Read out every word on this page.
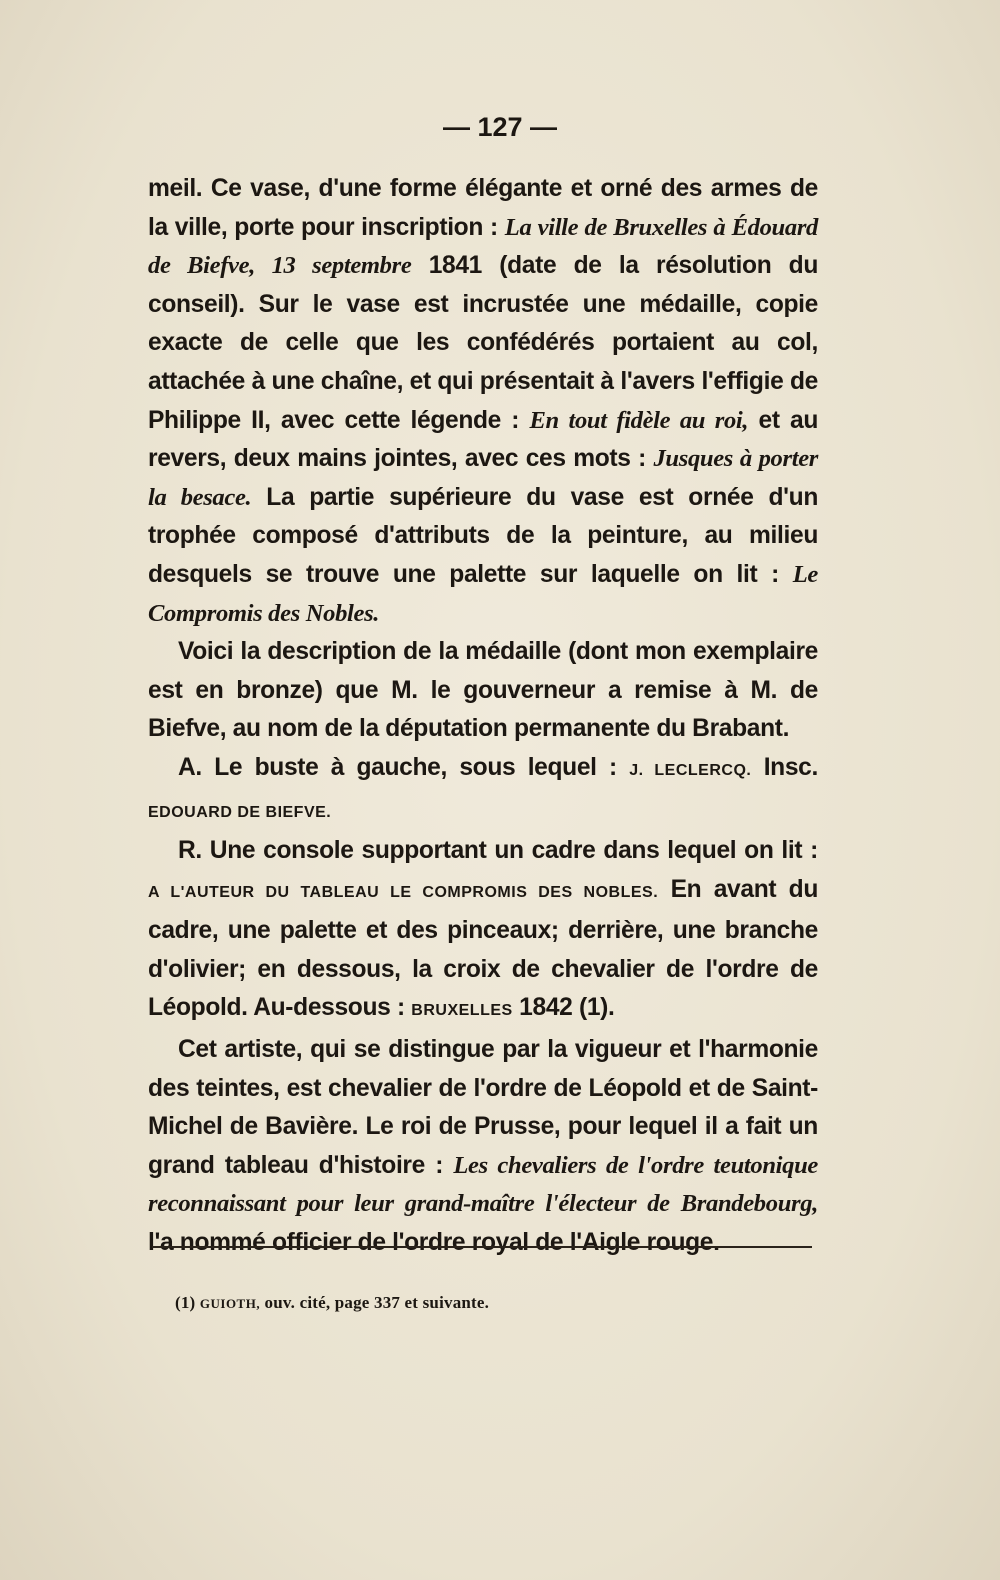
— 127 —

meil. Ce vase, d'une forme élégante et orné des armes de la ville, porte pour inscription : La ville de Bruxelles à Édouard de Biefve, 13 septembre 1841 (date de la résolution du conseil). Sur le vase est incrustée une médaille, copie exacte de celle que les confédérés portaient au col, attachée à une chaîne, et qui présentait à l'avers l'effigie de Philippe II, avec cette légende : En tout fidèle au roi, et au revers, deux mains jointes, avec ces mots : Jusques à porter la besace. La partie supérieure du vase est ornée d'un trophée composé d'attributs de la peinture, au milieu desquels se trouve une palette sur laquelle on lit : Le Compromis des Nobles.

Voici la description de la médaille (dont mon exemplaire est en bronze) que M. le gouverneur a remise à M. de Biefve, au nom de la députation permanente du Brabant.

A. Le buste à gauche, sous lequel : J. LECLERCQ. Insc. EDOUARD DE BIEFVE.

R. Une console supportant un cadre dans lequel on lit : A L'AUTEUR DU TABLEAU LE COMPROMIS DES NOBLES. En avant du cadre, une palette et des pinceaux; derrière, une branche d'olivier; en dessous, la croix de chevalier de l'ordre de Léopold. Au-dessous : BRUXELLES 1842 (1).

Cet artiste, qui se distingue par la vigueur et l'harmonie des teintes, est chevalier de l'ordre de Léopold et de Saint-Michel de Bavière. Le roi de Prusse, pour lequel il a fait un grand tableau d'histoire : Les chevaliers de l'ordre teutonique reconnaissant pour leur grand-maître l'électeur de Brandebourg, l'a nommé officier de l'ordre royal de l'Aigle rouge.

(1) GUIOTH, ouv. cité, page 337 et suivante.
